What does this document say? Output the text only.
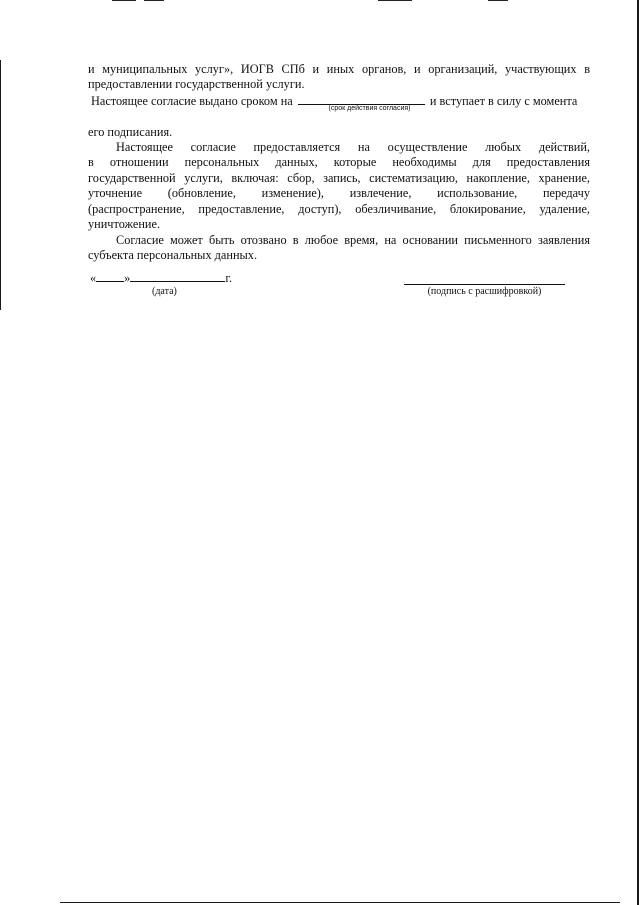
и муниципальных услуг», ИОГВ СПб и иных органов, и организаций, участвующих в
предоставлении государственной услуги.
Настоящее согласие выдано сроком на	и вступает в силу с момента
(срок действия согласия)
его подписания.
Настоящее согласие предоставляется на осуществление любых действий,
в отношении персональных данных, которые необходимы для предоставления
государственной услуги, включая: сбор, запись, систематизацию, накопление, хранение,
уточнение (обновление, изменение), извлечение, использование, передачу
(распространение, предоставление, доступ), обезличивание, блокирование, удаление,
уничтожение.
Согласие может быть отозвано в любое время, на основании письменного заявления
субъекта персональных данных.
« »	г.
(дата)	(подпись с расшифровкой)
